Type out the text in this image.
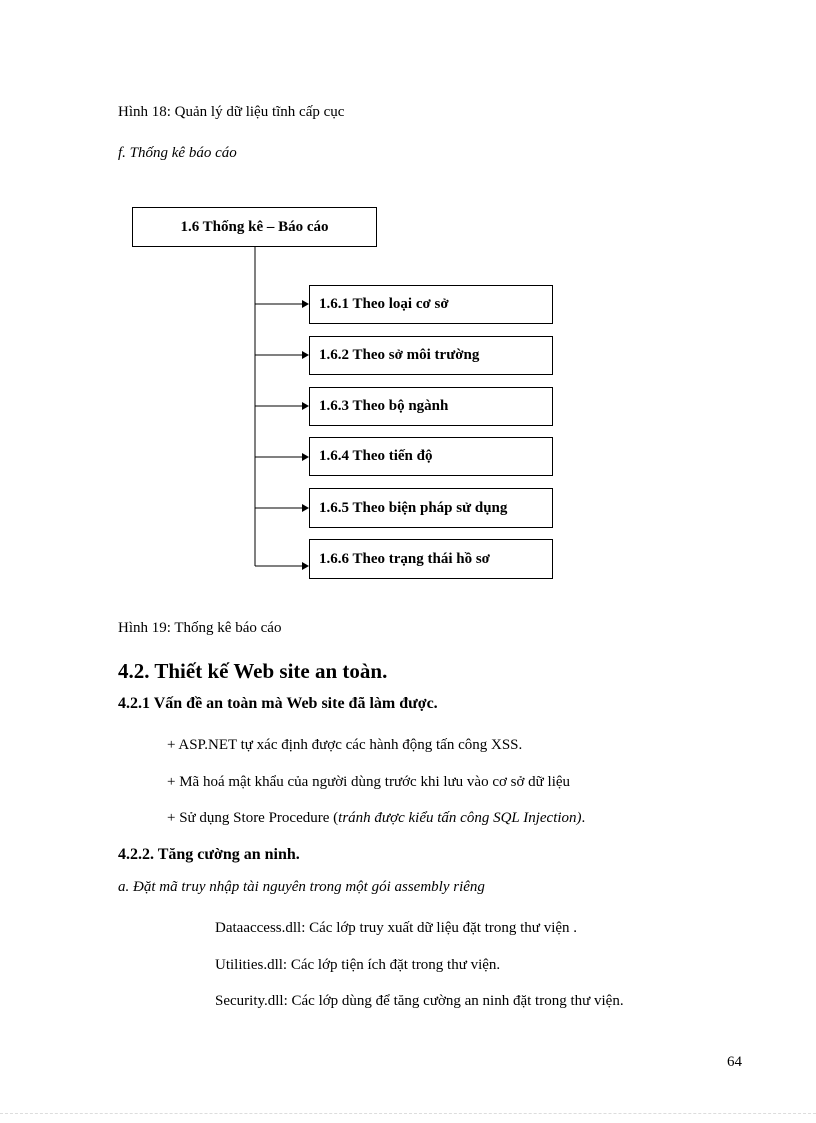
Hình 18: Quản lý dữ liệu tĩnh cấp cục
f. Thống kê báo cáo
1.6 Thống kê – Báo cáo
1.6.1 Theo loại cơ sở
1.6.2 Theo sở môi trường
1.6.3 Theo bộ ngành
1.6.4 Theo tiến độ
1.6.5 Theo biện pháp sử dụng
1.6.6 Theo trạng thái hồ sơ
Hình 19: Thống kê báo cáo
4.2. Thiết kế Web site an toàn.
4.2.1 Vấn đề an toàn mà Web site đã làm được.
+ ASP.NET tự xác định được các hành động tấn công XSS.
+ Mã hoá mật khẩu của người dùng trước khi lưu vào cơ sở dữ liệu
+ Sử dụng Store Procedure (tránh được kiểu tấn công SQL Injection).
4.2.2. Tăng cường an ninh.
a. Đặt mã truy nhập tài nguyên trong một gói assembly riêng
Dataaccess.dll: Các lớp truy xuất dữ liệu đặt trong thư viện .
Utilities.dll: Các lớp tiện ích đặt trong thư viện.
Security.dll: Các lớp dùng để tăng cường an ninh đặt trong thư viện.
64
